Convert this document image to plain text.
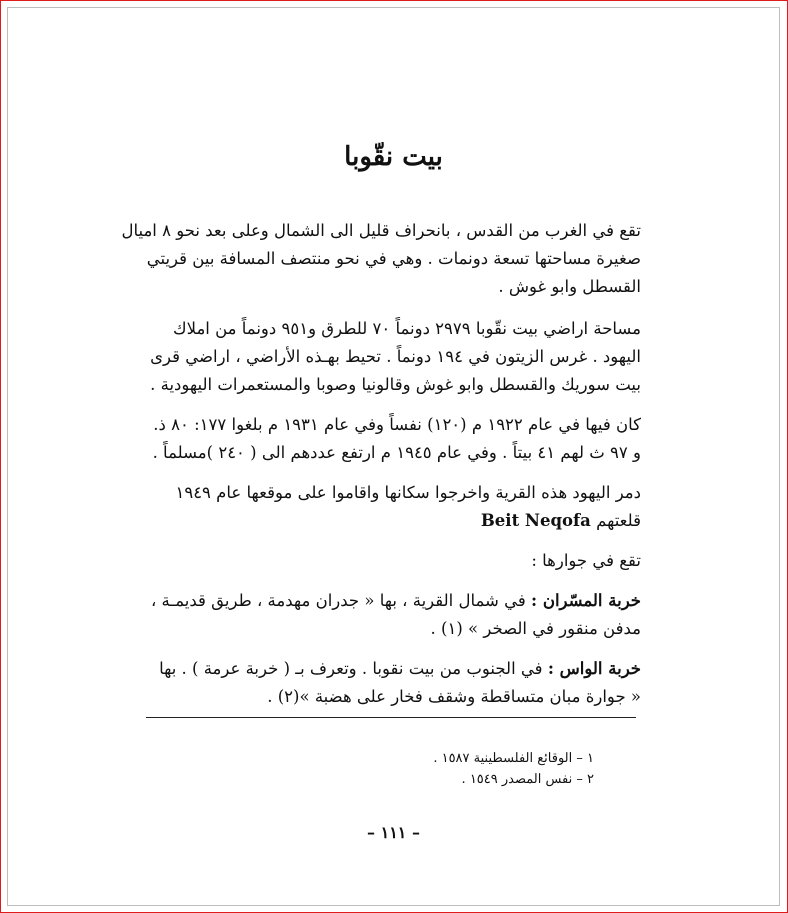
– ١١١ –
بيت نقّوبا
تقع في الغرب من القدس ، بانحراف قليل الى الشمال وعلى بعد نحو ٨ اميال
صغيرة مساحتها تسعة دونمات . وهي في نحو منتصف المسافة بين قريتي
القسطل وابو غوش .
مساحة اراضي بيت نقّوبا ٢٩٧٩ دونماً ٧٠ للطرق و٩٥١ دونماً من املاك
اليهود . غرس الزيتون في ١٩٤ دونماً . تحيط بهـذه الأراضي ، اراضي قرى
بيت سوريك والقسطل وابو غوش وقالونيا وصوبا والمستعمرات اليهودية .
كان فيها في عام ١٩٢٢ م (١٢٠) نفساً وفي عام ١٩٣١ م بلغوا ١٧٧: ٨٠ ذ.
و ٩٧ ث لهم ٤١ بيتاً . وفي عام ١٩٤٥ م ارتفع عددهم الى ( ٢٤٠ )مسلماً .
دمر اليهود هذه القرية واخرجوا سكانها واقاموا على موقعها عام ١٩٤٩
قلعتهم Beit Neqofa
تقع في جوارها :
خربة المسّران : في شمال القرية ، بها « جدران مهدمة ، طريق قديمـة ،
مدفن منقور في الصخر » (١) .
خربة الواس : في الجنوب من بيت نقوبا . وتعرف بـ ( خربة عرمة ) . بها
« جوارة مبان متساقطة وشقف فخار على هضبة »(٢) .
١ – الوقائع الفلسطينية ١٥٨٧ .
٢ – نفس المصدر ١٥٤٩ .
